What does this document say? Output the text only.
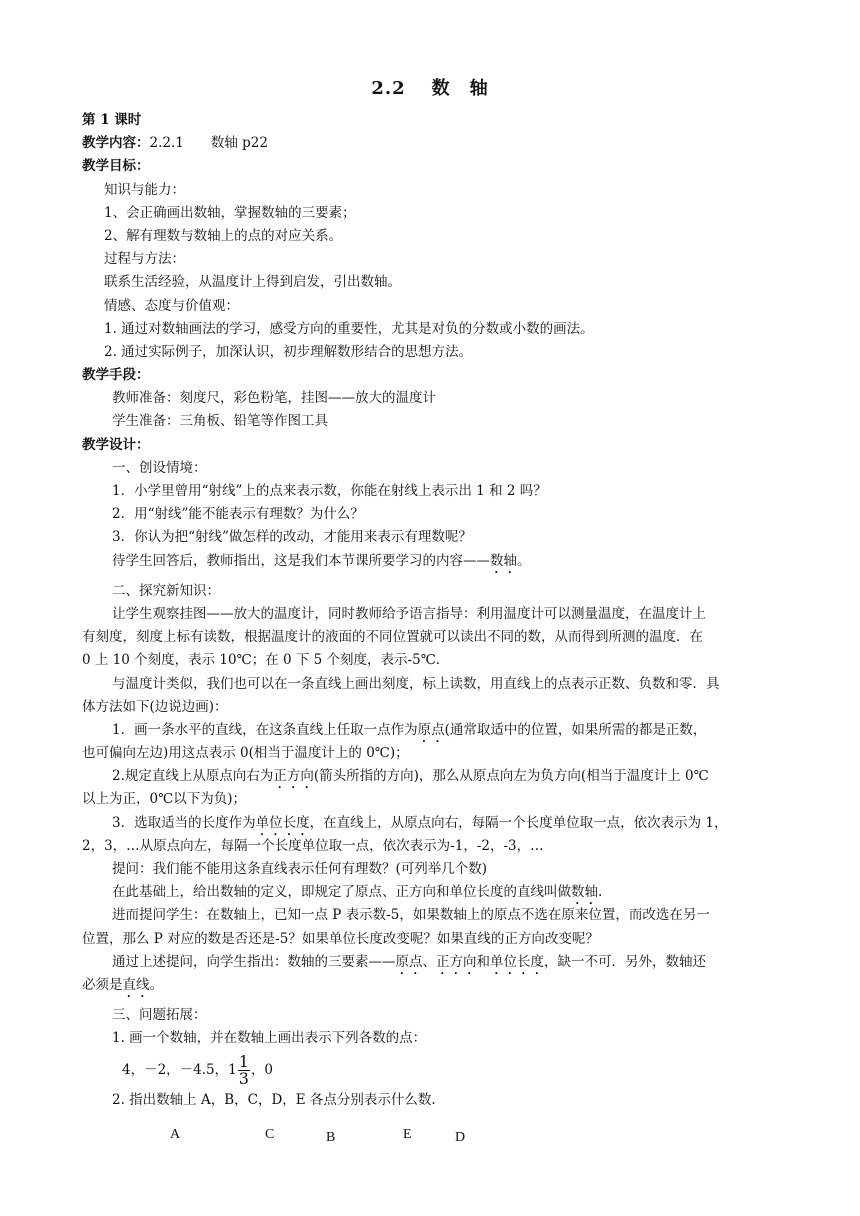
2.2 数　轴
第 1 课时
教学内容：2.2.1　　数轴 p22
教学目标：
知识与能力：
1、会正确画出数轴，掌握数轴的三要素；
2、解有理数与数轴上的点的对应关系。
过程与方法：
联系生活经验，从温度计上得到启发，引出数轴。
情感、态度与价值观：
1. 通过对数轴画法的学习，感受方向的重要性，尤其是对负的分数或小数的画法。
2. 通过实际例子，加深认识，初步理解数形结合的思想方法。
教学手段：
教师准备：刻度尺，彩色粉笔，挂图——放大的温度计
学生准备：三角板、铅笔等作图工具
教学设计：
一、创设情境：
1．小学里曾用“射线”上的点来表示数，你能在射线上表示出 1 和 2 吗？
2．用“射线”能不能表示有理数？为什么？
3．你认为把“射线”做怎样的改动，才能用来表示有理数呢？
待学生回答后，教师指出，这是我们本节课所要学习的内容——数轴。
二、探究新知识：
让学生观察挂图——放大的温度计，同时教师给予语言指导：利用温度计可以测量温度，在温度计上
有刻度，刻度上标有读数，根据温度计的液面的不同位置就可以读出不同的数，从而得到所测的温度．在
0 上 10 个刻度，表示 10℃；在 0 下 5 个刻度，表示-5℃．
与温度计类似，我们也可以在一条直线上画出刻度，标上读数，用直线上的点表示正数、负数和零．具
体方法如下(边说边画)：
1．画一条水平的直线，在这条直线上任取一点作为原点(通常取适中的位置，如果所需的都是正数，
也可偏向左边)用这点表示 0(相当于温度计上的 0℃)；
2.规定直线上从原点向右为正方向(箭头所指的方向)，那么从原点向左为负方向(相当于温度计上 0℃
以上为正，0℃以下为负)；
3．选取适当的长度作为单位长度，在直线上，从原点向右，每隔一个长度单位取一点，依次表示为 1，
2，3，…从原点向左，每隔一个长度单位取一点，依次表示为-1，-2，-3，…
提问：我们能不能用这条直线表示任何有理数？(可列举几个数)
在此基础上，给出数轴的定义，即规定了原点、正方向和单位长度的直线叫做数轴.
进而提问学生：在数轴上，已知一点 P 表示数-5，如果数轴上的原点不选在原来位置，而改选在另一
位置，那么 P 对应的数是否还是-5？如果单位长度改变呢？如果直线的正方向改变呢？
通过上述提问，向学生指出：数轴的三要素——原点、正方向和单位长度，缺一不可．另外，数轴还
必须是直线。
三、问题拓展：
1. 画一个数轴，并在数轴上画出表示下列各数的点：
4，－2，－4.5，$1 \frac{1}{3}$ ，0
2. 指出数轴上 A，B，C，D，E 各点分别表示什么数.
A	C	B	E	D
